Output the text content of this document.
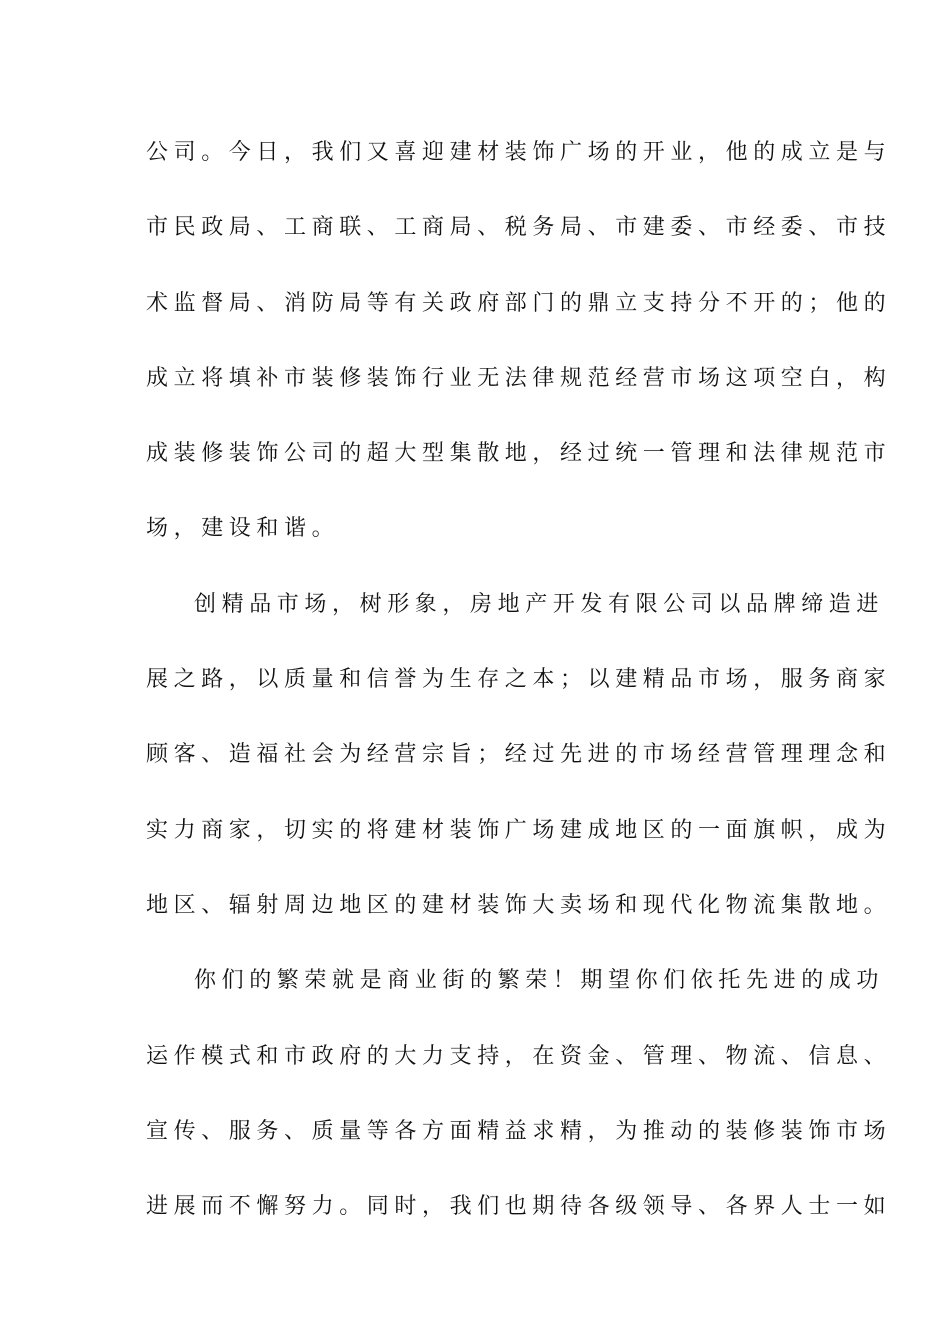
公司。今日，我们又喜迎建材装饰广场的开业，他的成立是与
市民政局、工商联、工商局、税务局、市建委、市经委、市技
术监督局、消防局等有关政府部门的鼎立支持分不开的；他的
成立将填补市装修装饰行业无法律规范经营市场这项空白，构
成装修装饰公司的超大型集散地，经过统一管理和法律规范市
场，建设和谐。
创精品市场，树形象，房地产开发有限公司以品牌缔造进
展之路，以质量和信誉为生存之本；以建精品市场，服务商家
顾客、造福社会为经营宗旨；经过先进的市场经营管理理念和
实力商家，切实的将建材装饰广场建成地区的一面旗帜，成为
地区、辐射周边地区的建材装饰大卖场和现代化物流集散地。
你们的繁荣就是商业街的繁荣！期望你们依托先进的成功
运作模式和市政府的大力支持，在资金、管理、物流、信息、
宣传、服务、质量等各方面精益求精，为推动的装修装饰市场
进展而不懈努力。同时，我们也期待各级领导、各界人士一如
